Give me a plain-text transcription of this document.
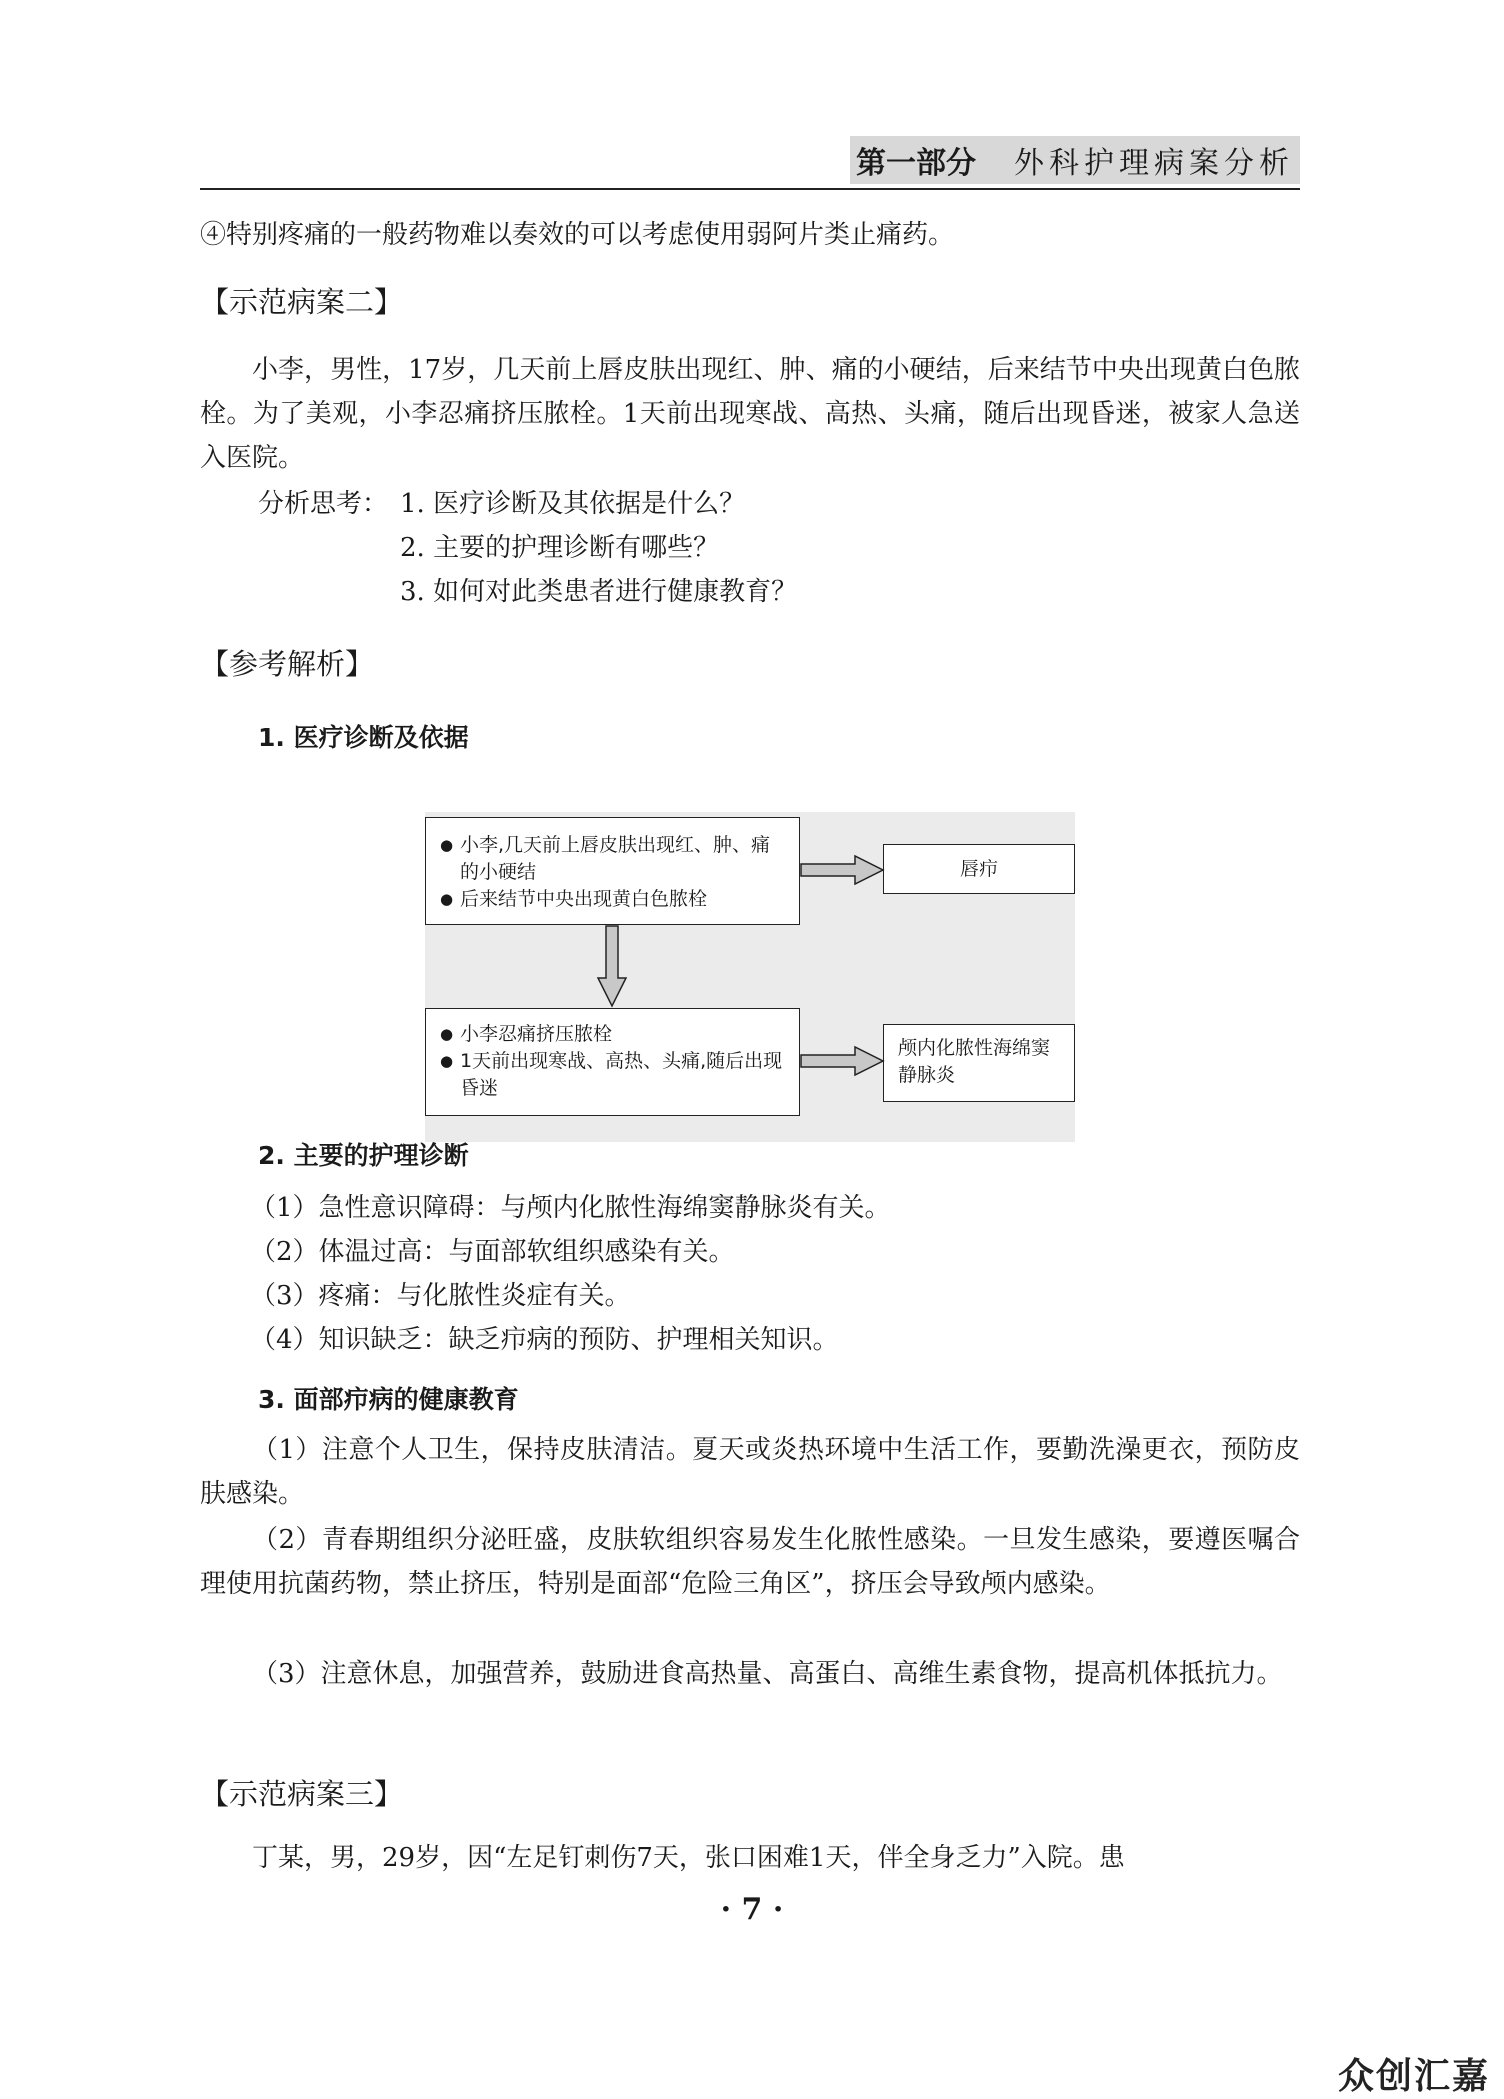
第一部分 外科护理病案分析

④特别疼痛的一般药物难以奏效的可以考虑使用弱阿片类止痛药。

【示范病案二】

小李，男性，17岁，几天前上唇皮肤出现红、肿、痛的小硬结，后来结节中央出现黄白色脓栓。为了美观，小李忍痛挤压脓栓。1天前出现寒战、高热、头痛，随后出现昏迷，被家人急送入医院。

分析思考： 1. 医疗诊断及其依据是什么？
2. 主要的护理诊断有哪些？
3. 如何对此类患者进行健康教育？
【参考解析】
1. 医疗诊断及依据
● 小李,几天前上唇皮肤出现红、肿、痛的小硬结
● 后来结节中央出现黄白色脓栓
唇疖
● 小李忍痛挤压脓栓
● 1天前出现寒战、高热、头痛,随后出现昏迷
颅内化脓性海绵窦静脉炎
2. 主要的护理诊断
（1）急性意识障碍：与颅内化脓性海绵窦静脉炎有关。
（2）体温过高：与面部软组织感染有关。
（3）疼痛：与化脓性炎症有关。
（4）知识缺乏：缺乏疖病的预防、护理相关知识。
3. 面部疖病的健康教育

（1）注意个人卫生，保持皮肤清洁。夏天或炎热环境中生活工作，要勤洗澡更衣，预防皮肤感染。

（2）青春期组织分泌旺盛，皮肤软组织容易发生化脓性感染。一旦发生感染，要遵医嘱合理使用抗菌药物，禁止挤压，特别是面部“危险三角区”，挤压会导致颅内感染。

（3）注意休息，加强营养，鼓励进食高热量、高蛋白、高维生素食物，提高机体抵抗力。

【示范病案三】

丁某，男，29岁，因“左足钉刺伤7天，张口困难1天，伴全身乏力”入院。患

· 7 ·
众创汇嘉
